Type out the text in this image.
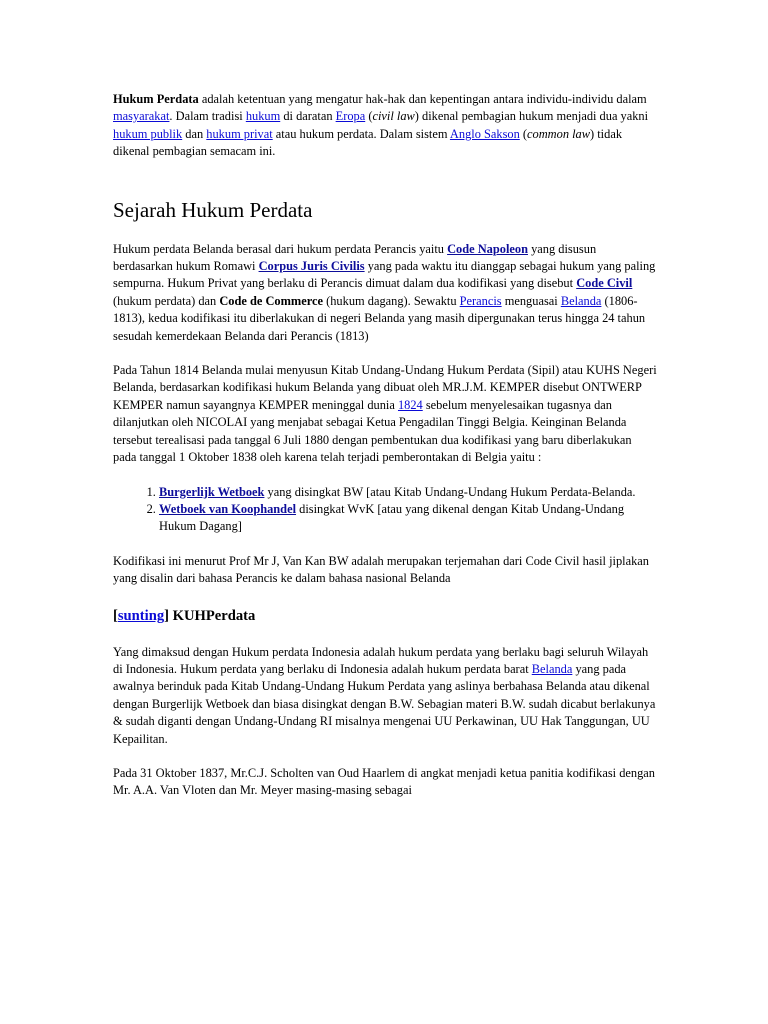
Hukum Perdata adalah ketentuan yang mengatur hak-hak dan kepentingan antara individu-individu dalam masyarakat. Dalam tradisi hukum di daratan Eropa (civil law) dikenal pembagian hukum menjadi dua yakni hukum publik dan hukum privat atau hukum perdata. Dalam sistem Anglo Sakson (common law) tidak dikenal pembagian semacam ini.

Sejarah Hukum Perdata

Hukum perdata Belanda berasal dari hukum perdata Perancis yaitu Code Napoleon yang disusun berdasarkan hukum Romawi Corpus Juris Civilis yang pada waktu itu dianggap sebagai hukum yang paling sempurna. Hukum Privat yang berlaku di Perancis dimuat dalam dua kodifikasi yang disebut Code Civil (hukum perdata) dan Code de Commerce (hukum dagang). Sewaktu Perancis menguasai Belanda (1806-1813), kedua kodifikasi itu diberlakukan di negeri Belanda yang masih dipergunakan terus hingga 24 tahun sesudah kemerdekaan Belanda dari Perancis (1813)

Pada Tahun 1814 Belanda mulai menyusun Kitab Undang-Undang Hukum Perdata (Sipil) atau KUHS Negeri Belanda, berdasarkan kodifikasi hukum Belanda yang dibuat oleh MR.J.M. KEMPER disebut ONTWERP KEMPER namun sayangnya KEMPER meninggal dunia 1824 sebelum menyelesaikan tugasnya dan dilanjutkan oleh NICOLAI yang menjabat sebagai Ketua Pengadilan Tinggi Belgia. Keinginan Belanda tersebut terealisasi pada tanggal 6 Juli 1880 dengan pembentukan dua kodifikasi yang baru diberlakukan pada tanggal 1 Oktober 1838 oleh karena telah terjadi pemberontakan di Belgia yaitu :

1. Burgerlijk Wetboek yang disingkat BW [atau Kitab Undang-Undang Hukum Perdata-Belanda.
2. Wetboek van Koophandel disingkat WvK [atau yang dikenal dengan Kitab Undang-Undang Hukum Dagang]

Kodifikasi ini menurut Prof Mr J, Van Kan BW adalah merupakan terjemahan dari Code Civil hasil jiplakan yang disalin dari bahasa Perancis ke dalam bahasa nasional Belanda

[sunting] KUHPerdata

Yang dimaksud dengan Hukum perdata Indonesia adalah hukum perdata yang berlaku bagi seluruh Wilayah di Indonesia. Hukum perdata yang berlaku di Indonesia adalah hukum perdata barat Belanda yang pada awalnya berinduk pada Kitab Undang-Undang Hukum Perdata yang aslinya berbahasa Belanda atau dikenal dengan Burgerlijk Wetboek dan biasa disingkat dengan B.W. Sebagian materi B.W. sudah dicabut berlakunya & sudah diganti dengan Undang-Undang RI misalnya mengenai UU Perkawinan, UU Hak Tanggungan, UU Kepailitan.

Pada 31 Oktober 1837, Mr.C.J. Scholten van Oud Haarlem di angkat menjadi ketua panitia kodifikasi dengan Mr. A.A. Van Vloten dan Mr. Meyer masing-masing sebagai
